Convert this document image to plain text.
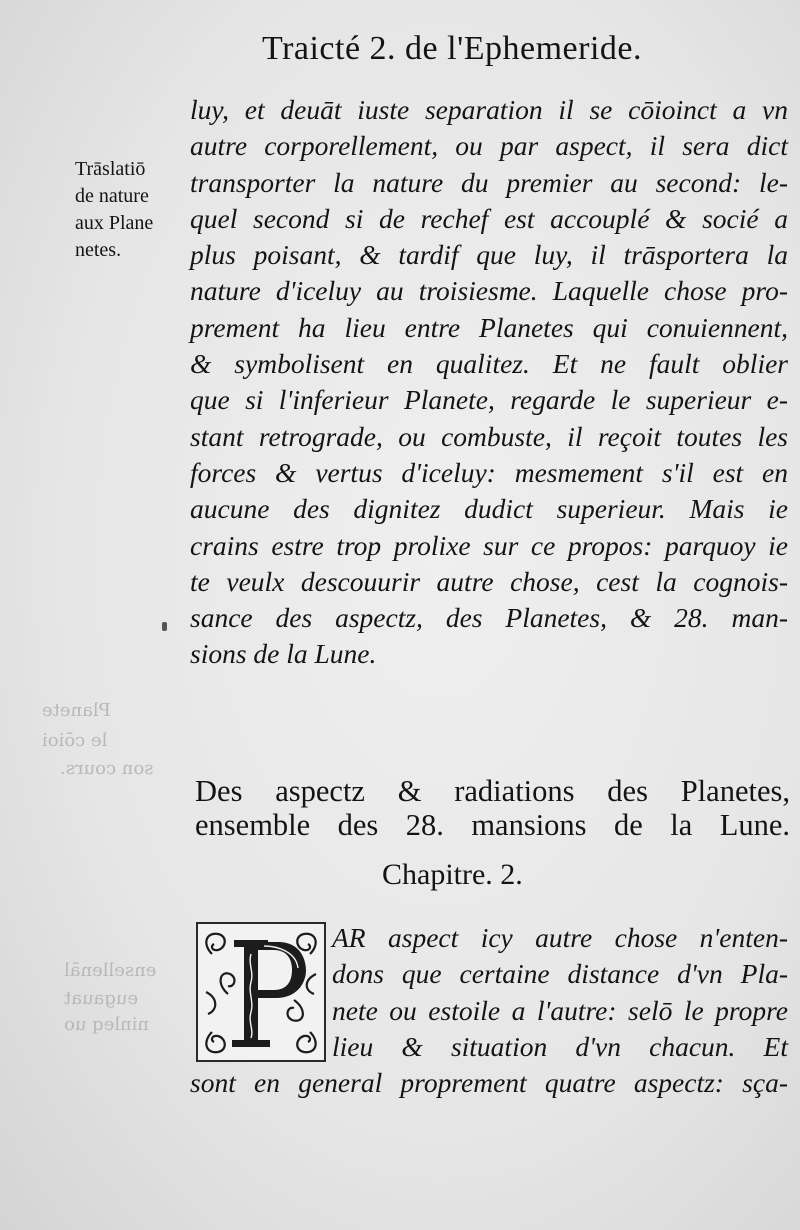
Planete
le cōioi
son cours.
ensellenāl
eugauat
ninleq uo
Traicté 2. de l'Ephemeride.
Trāslatiō
de nature
aux Plane
netes.
luy, et deuāt iuste separation il se cōioinct a vn
autre corporellement, ou par aspect, il sera dict
transporter la nature du premier au second: le-
quel second si de rechef est accouplé & socié a
plus poisant, & tardif que luy, il trāsportera la
nature d'iceluy au troisiesme. Laquelle chose pro-
prement ha lieu entre Planetes qui conuiennent,
& symbolisent en qualitez. Et ne fault oblier
que si l'inferieur Planete, regarde le superieur e-
stant retrograde, ou combuste, il reçoit toutes les
forces & vertus d'iceluy: mesmement s'il est en
aucune des dignitez dudict superieur. Mais ie
crains estre trop prolixe sur ce propos: parquoy ie
te veulx descouurir autre chose, cest la cognois-
sance des aspectz, des Planetes, & 28. man-
sions de la Lune.
Des aspectz & radiations des Planetes,
ensemble des 28. mansions de la Lune.
Chapitre. 2.
AR aspect icy autre chose n'enten-
dons que certaine distance d'vn Pla-
nete ou estoile a l'autre: selō le propre
lieu & situation d'vn chacun. Et
sont en general proprement quatre aspectz: sça-
